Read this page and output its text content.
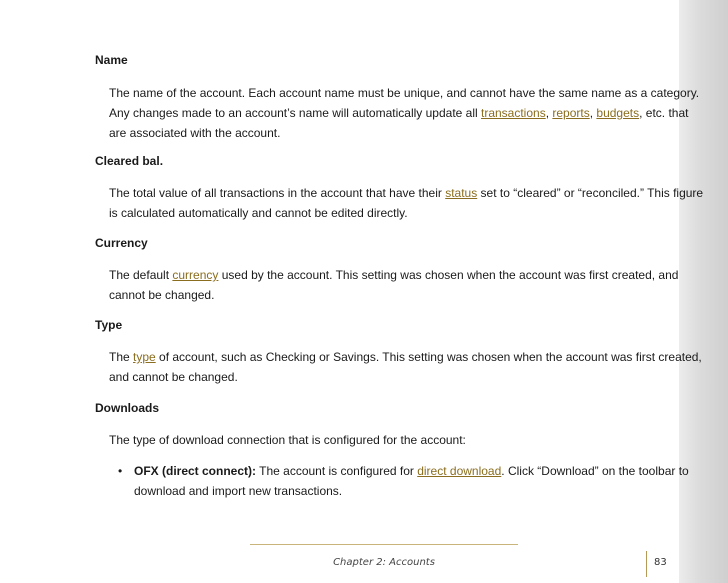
Name
The name of the account. Each account name must be unique, and cannot have the same name as a category.
Any changes made to an account’s name will automatically update all transactions, reports, budgets, etc. that
are associated with the account.
Cleared bal.
The total value of all transactions in the account that have their status set to “cleared” or “reconciled.” This figure
is calculated automatically and cannot be edited directly.
Currency
The default currency used by the account. This setting was chosen when the account was first created, and
cannot be changed.
Type
The type of account, such as Checking or Savings. This setting was chosen when the account was first created,
and cannot be changed.
Downloads
The type of download connection that is configured for the account:
• OFX (direct connect): The account is configured for direct download. Click “Download” on the toolbar to
download and import new transactions.
Chapter 2: Accounts	83
